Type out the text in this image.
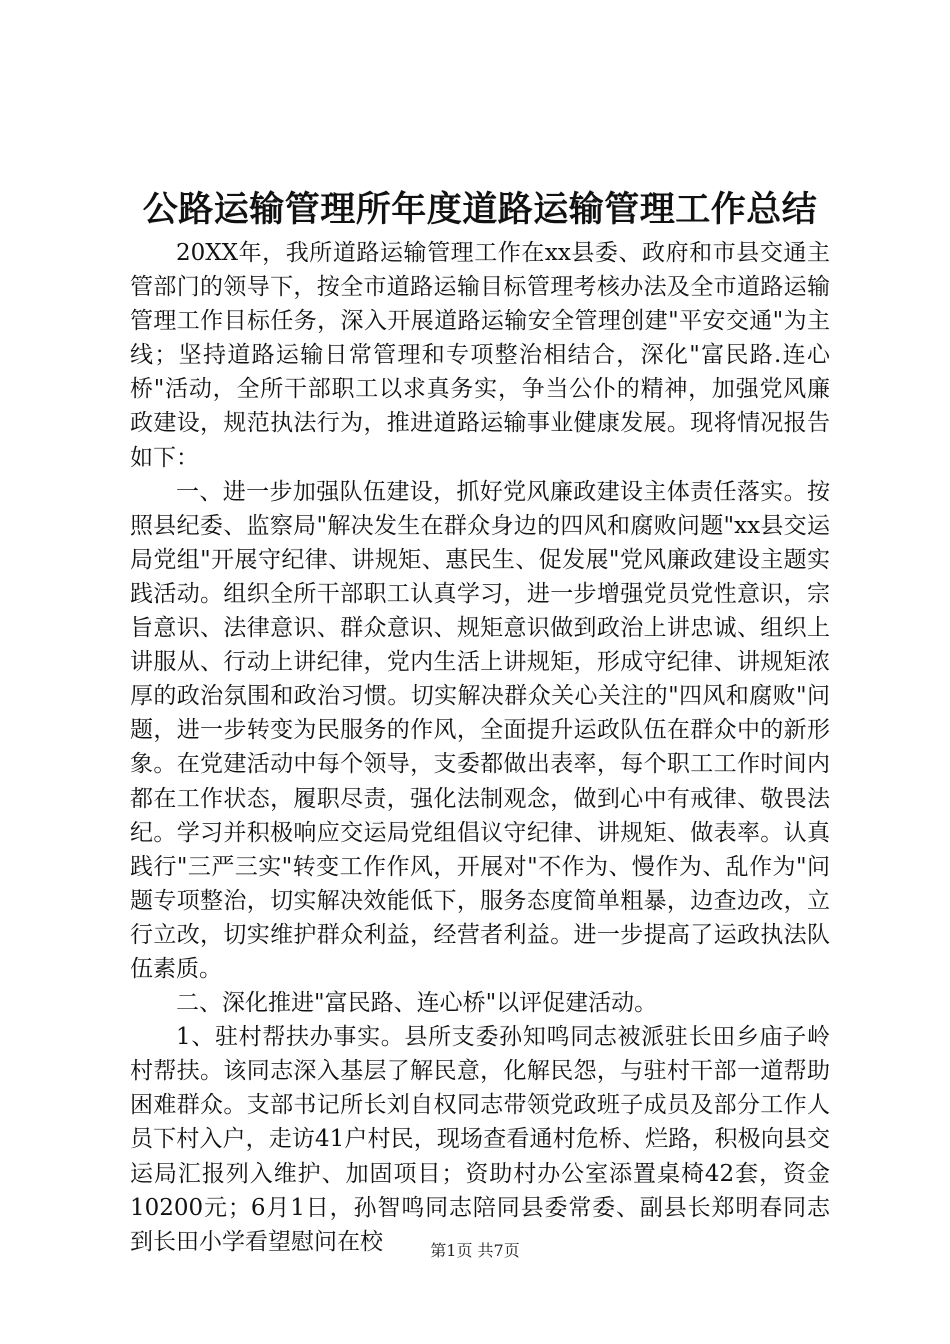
公路运输管理所年度道路运输管理工作总结

20XX年，我所道路运输管理工作在xx县委、政府和市县交通主管部门的领导下，按全市道路运输目标管理考核办法及全市道路运输管理工作目标任务，深入开展道路运输安全管理创建"平安交通"为主线；坚持道路运输日常管理和专项整治相结合，深化"富民路.连心桥"活动，全所干部职工以求真务实，争当公仆的精神，加强党风廉政建设，规范执法行为，推进道路运输事业健康发展。现将情况报告如下：

一、进一步加强队伍建设，抓好党风廉政建设主体责任落实。按照县纪委、监察局"解决发生在群众身边的四风和腐败问题"xx县交运局党组"开展守纪律、讲规矩、惠民生、促发展"党风廉政建设主题实践活动。组织全所干部职工认真学习，进一步增强党员党性意识，宗旨意识、法律意识、群众意识、规矩意识做到政治上讲忠诚、组织上讲服从、行动上讲纪律，党内生活上讲规矩，形成守纪律、讲规矩浓厚的政治氛围和政治习惯。切实解决群众关心关注的"四风和腐败"问题，进一步转变为民服务的作风，全面提升运政队伍在群众中的新形象。在党建活动中每个领导，支委都做出表率，每个职工工作时间内都在工作状态，履职尽责，强化法制观念，做到心中有戒律、敬畏法纪。学习并积极响应交运局党组倡议守纪律、讲规矩、做表率。认真践行"三严三实"转变工作作风，开展对"不作为、慢作为、乱作为"问题专项整治，切实解决效能低下，服务态度简单粗暴，边查边改，立行立改，切实维护群众利益，经营者利益。进一步提高了运政执法队伍素质。

二、深化推进"富民路、连心桥"以评促建活动。

1、驻村帮扶办事实。县所支委孙知鸣同志被派驻长田乡庙子岭村帮扶。该同志深入基层了解民意，化解民怨，与驻村干部一道帮助困难群众。支部书记所长刘自权同志带领党政班子成员及部分工作人员下村入户，走访41户村民，现场查看通村危桥、烂路，积极向县交运局汇报列入维护、加固项目；资助村办公室添置桌椅42套，资金10200元；6月1日，孙智鸣同志陪同县委常委、副县长郑明春同志到长田小学看望慰问在校	第1页 共7页
